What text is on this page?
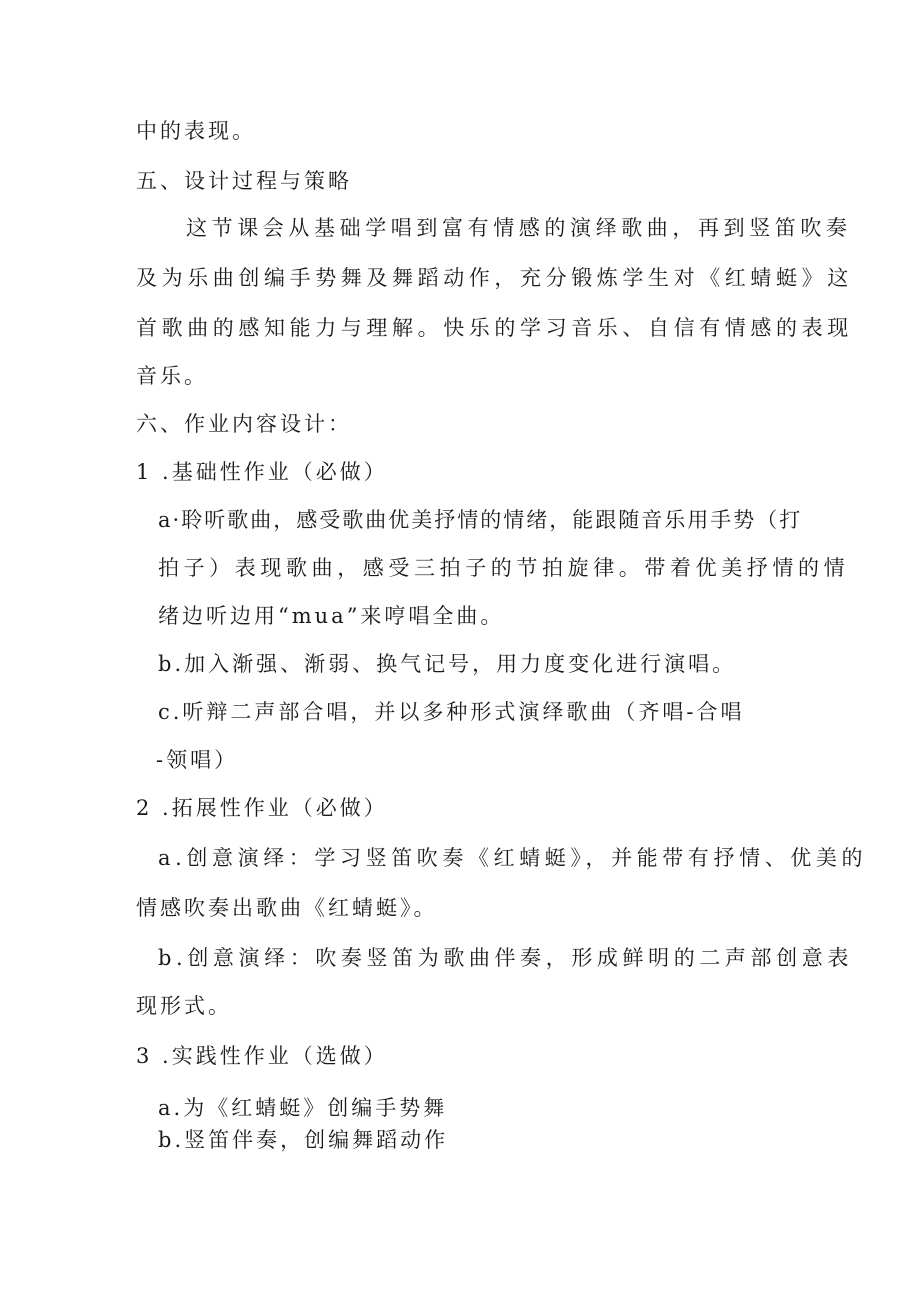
中的表现。
五、设计过程与策略
这节课会从基础学唱到富有情感的演绎歌曲，再到竖笛吹奏
及为乐曲创编手势舞及舞蹈动作，充分锻炼学生对《红蜻蜓》这
首歌曲的感知能力与理解。快乐的学习音乐、自信有情感的表现
音乐。
六、作业内容设计：
1 .基础性作业（必做）
a·聆听歌曲，感受歌曲优美抒情的情绪，能跟随音乐用手势（打
拍子）表现歌曲，感受三拍子的节拍旋律。带着优美抒情的情
绪边听边用“mua”来哼唱全曲。
b.加入渐强、渐弱、换气记号，用力度变化进行演唱。
c.听辩二声部合唱，并以多种形式演绎歌曲（齐唱-合唱
-领唱）
2 .拓展性作业（必做）
a.创意演绎：学习竖笛吹奏《红蜻蜓》，并能带有抒情、优美的
情感吹奏出歌曲《红蜻蜓》。
b.创意演绎：吹奏竖笛为歌曲伴奏，形成鲜明的二声部创意表
现形式。
3 .实践性作业（选做）
a.为《红蜻蜓》创编手势舞
b.竖笛伴奏，创编舞蹈动作
